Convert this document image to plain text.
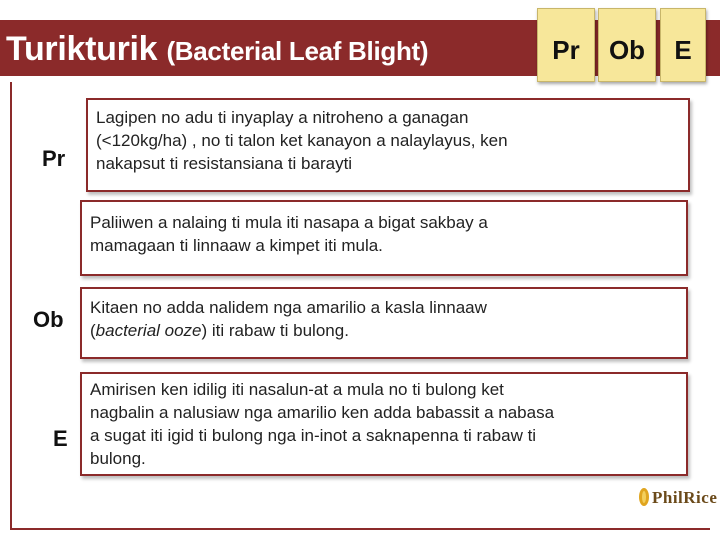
Turikturik (Bacterial Leaf Blight)	Pr Ob E
Pr
Lagipen no adu ti inyaplay a nitroheno a ganagan
(<120kg/ha) , no ti talon ket kanayon a nalaylayus, ken
nakapsut ti resistansiana ti barayti
Paliiwen a nalaing ti mula iti nasapa a bigat sakbay a
mamagaan ti linnaaw a kimpet iti mula.
Ob Kitaen no adda nalidem nga amarilio a kasla linnaaw
(bacterial ooze) iti rabaw ti bulong.
E
Amirisen ken idilig iti nasalun-at a mula no ti bulong ket
nagbalin a nalusiaw nga amarilio ken adda babassit a nabasa
a sugat iti igid ti bulong nga in-inot a saknapenna ti rabaw ti
bulong.
PhilRice
